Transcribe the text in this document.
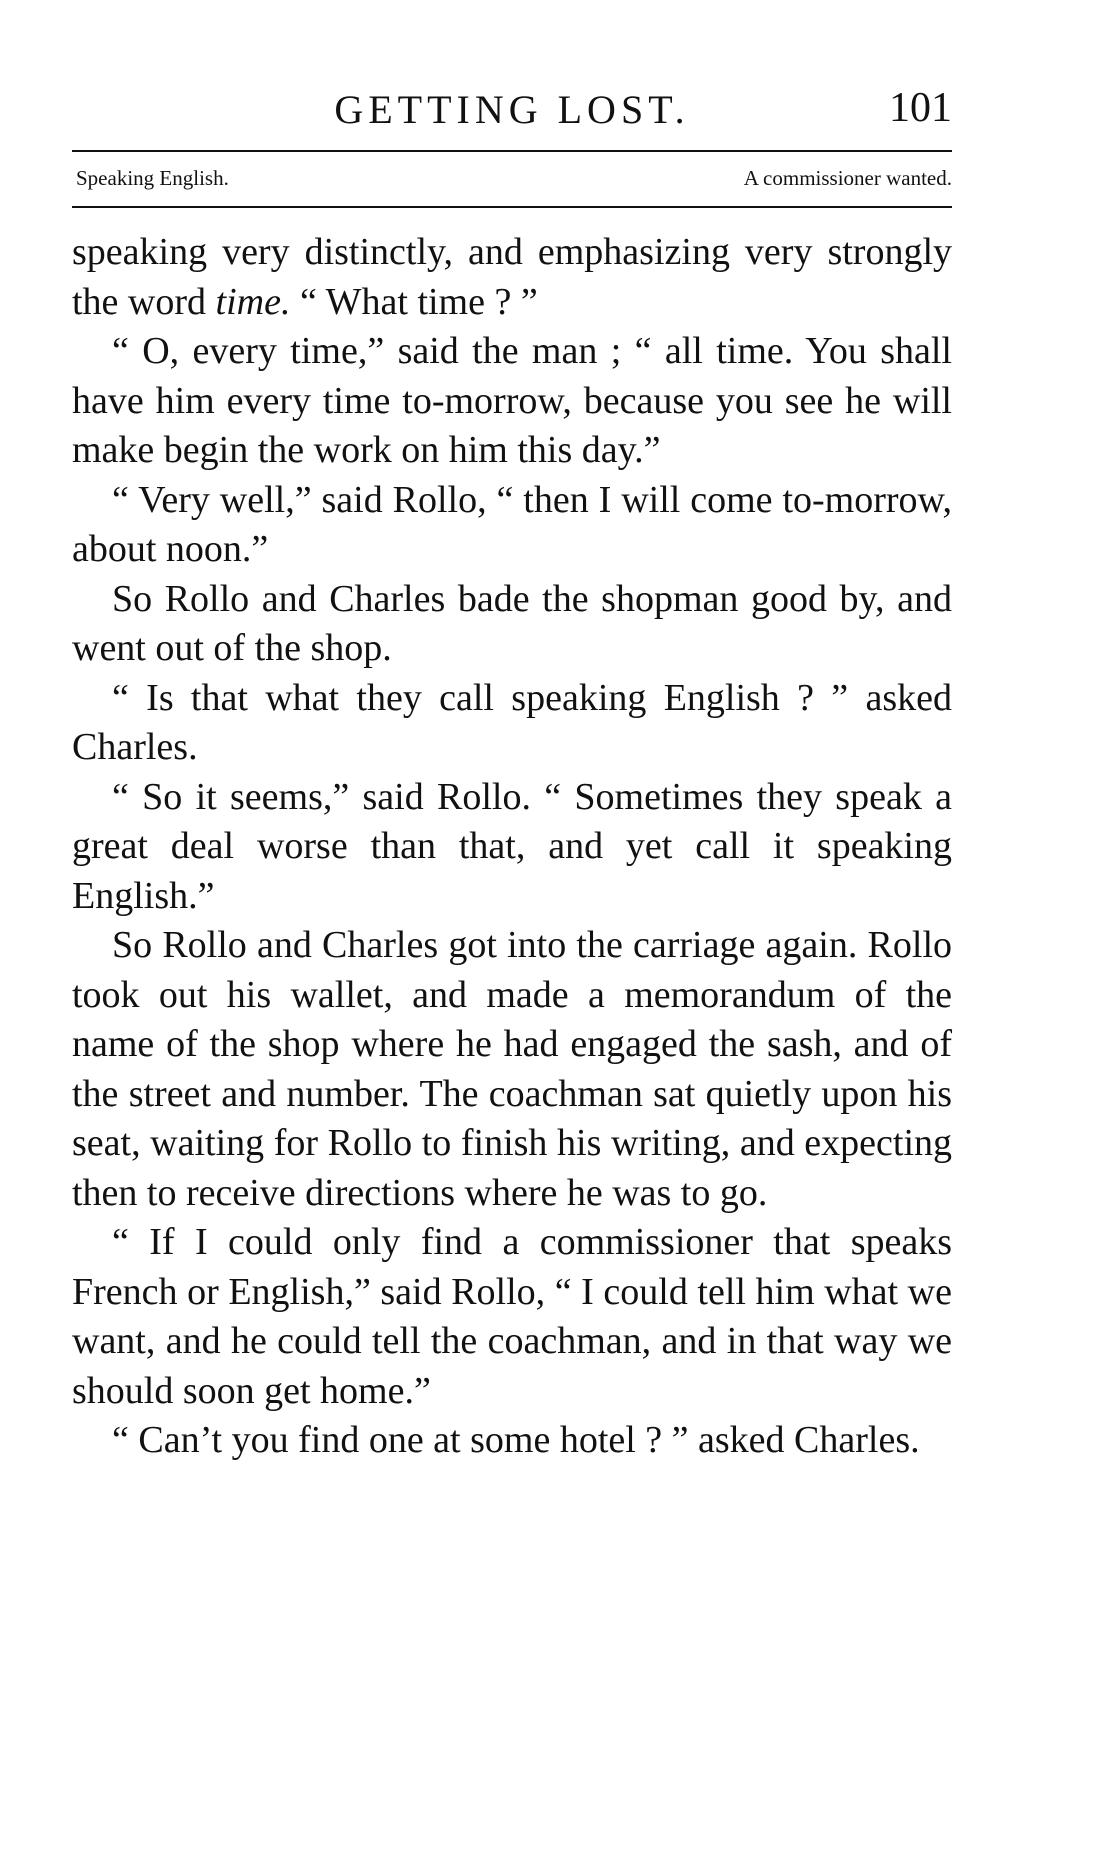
GETTING LOST.	101
Speaking English.	A commissioner wanted.

speaking very distinctly, and emphasizing very strongly the word time. “ What time ? ”

“ O, every time,” said the man ; “ all time. You shall have him every time to-morrow, because you see he will make begin the work on him this day.”

“ Very well,” said Rollo, “ then I will come to-morrow, about noon.”

So Rollo and Charles bade the shopman good by, and went out of the shop.

“ Is that what they call speaking English ? ” asked Charles.

“ So it seems,” said Rollo. “ Sometimes they speak a great deal worse than that, and yet call it speaking English.”

So Rollo and Charles got into the carriage again. Rollo took out his wallet, and made a memorandum of the name of the shop where he had engaged the sash, and of the street and number. The coachman sat quietly upon his seat, waiting for Rollo to finish his writing, and expecting then to receive directions where he was to go.

“ If I could only find a commissioner that speaks French or English,” said Rollo, “ I could tell him what we want, and he could tell the coachman, and in that way we should soon get home.”

“ Can’t you find one at some hotel ? ” asked Charles.
